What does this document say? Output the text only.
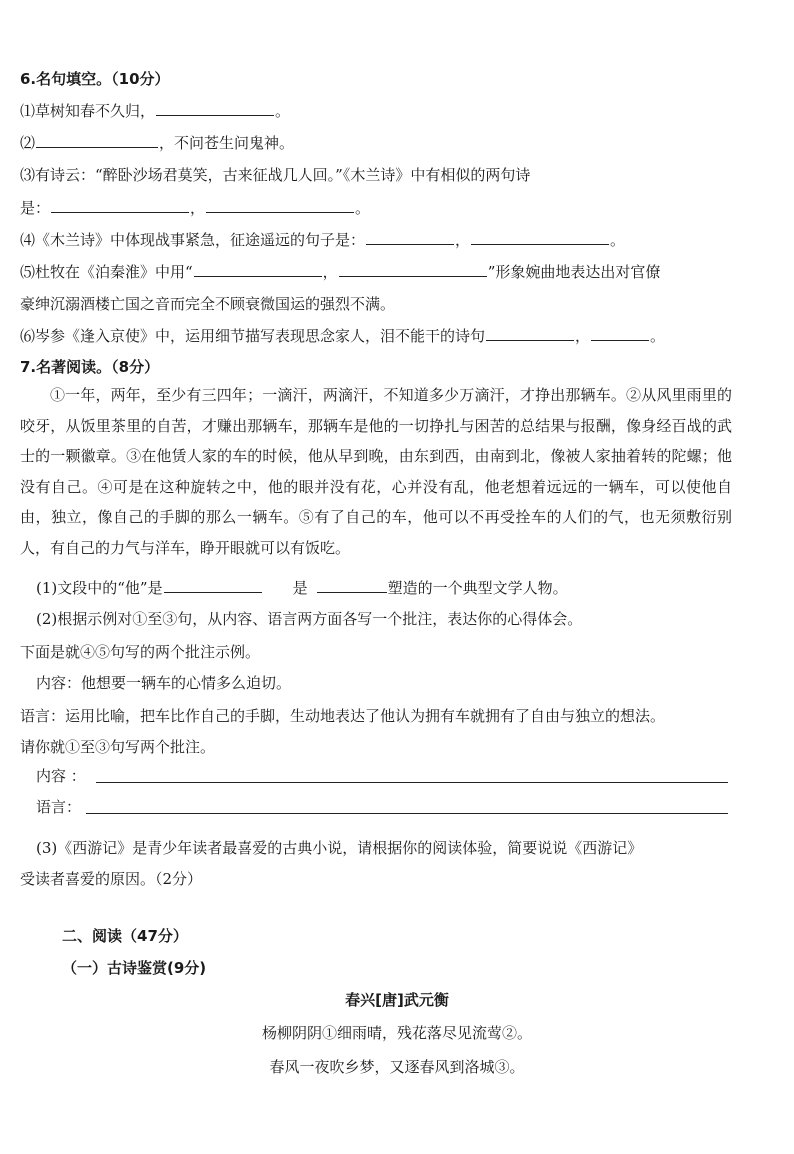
6.名句填空。（10分）
⑴草树知春不久归，	。
⑵	，不问苍生问鬼神。
⑶有诗云：“醉卧沙场君莫笑，古来征战几人回。”《木兰诗》中有相似的两句诗
是：	，	。
⑷《木兰诗》中体现战事紧急，征途遥远的句子是：	，	。
⑸杜牧在《泊秦淮》中用“	，	”形象婉曲地表达出对官僚
豪绅沉溺酒楼亡国之音而完全不顾衰微国运的强烈不满。
⑹岑参《逢入京使》中，运用细节描写表现思念家人，泪不能干的诗句	，	。
7.名著阅读。（8分）
①一年，两年，至少有三四年；一滴汗，两滴汗，不知道多少万滴汗，才挣出那辆车。②从风里雨里的咬牙，从饭里茶里的自苦，才赚出那辆车，那辆车是他的一切挣扎与困苦的总结果与报酬，像身经百战的武士的一颗徽章。③在他赁人家的车的时候，他从早到晚，由东到西，由南到北，像被人家抽着转的陀螺；他没有自己。④可是在这种旋转之中，他的眼并没有花，心并没有乱，他老想着远远的一辆车，可以使他自由，独立，像自己的手脚的那么一辆车。⑤有了自己的车，他可以不再受拴车的人们的气，也无须敷衍别人，有自己的力气与洋车，睁开眼就可以有饭吃。
(1)文段中的“他”是	是	塑造的一个典型文学人物。
(2)根据示例对①至③句，从内容、语言两方面各写一个批注，表达你的心得体会。
下面是就④⑤句写的两个批注示例。
内容：他想要一辆车的心情多么迫切。
语言：运用比喻，把车比作自己的手脚，生动地表达了他认为拥有车就拥有了自由与独立的想法。
请你就①至③句写两个批注。
内容 ：
语言：
(3)《西游记》是青少年读者最喜爱的古典小说，请根据你的阅读体验，简要说说《西游记》
受读者喜爱的原因。（2分）
二、阅读（47分）
（一）古诗鉴赏(9分)
春兴[唐]武元衡
杨柳阴阴①细雨晴，残花落尽见流莺②。
春风一夜吹乡梦，又逐春风到洛城③。
